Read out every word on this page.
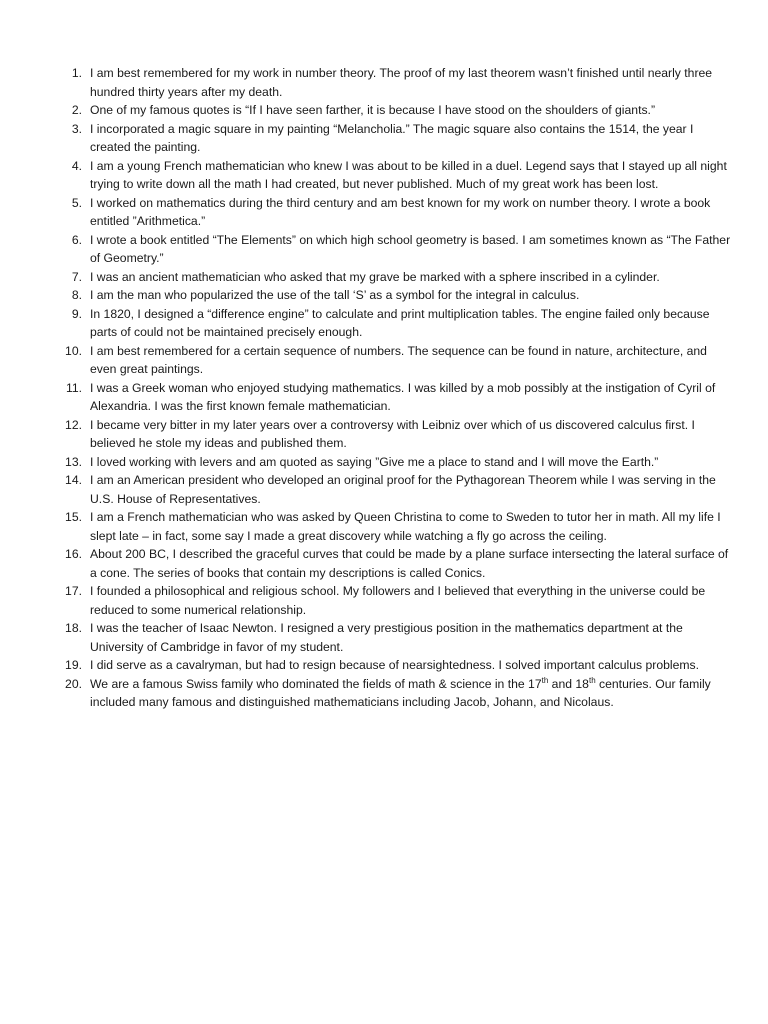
1. I am best remembered for my work in number theory. The proof of my last theorem wasn’t finished until nearly three hundred thirty years after my death.
2. One of my famous quotes is “If I have seen farther, it is because I have stood on the shoulders of giants.”
3. I incorporated a magic square in my painting “Melancholia.” The magic square also contains the 1514, the year I created the painting.
4. I am a young French mathematician who knew I was about to be killed in a duel. Legend says that I stayed up all night trying to write down all the math I had created, but never published. Much of my great work has been lost.
5. I worked on mathematics during the third century and am best known for my work on number theory. I wrote a book entitled ”Arithmetica.”
6. I wrote a book entitled “The Elements” on which high school geometry is based. I am sometimes known as “The Father of Geometry.”
7. I was an ancient mathematician who asked that my grave be marked with a sphere inscribed in a cylinder.
8. I am the man who popularized the use of the tall ‘S’ as a symbol for the integral in calculus.
9. In 1820, I designed a “difference engine” to calculate and print multiplication tables. The engine failed only because parts of could not be maintained precisely enough.
10. I am best remembered for a certain sequence of numbers. The sequence can be found in nature, architecture, and even great paintings.
11. I was a Greek woman who enjoyed studying mathematics. I was killed by a mob possibly at the instigation of Cyril of Alexandria. I was the first known female mathematician.
12. I became very bitter in my later years over a controversy with Leibniz over which of us discovered calculus first. I believed he stole my ideas and published them.
13. I loved working with levers and am quoted as saying ”Give me a place to stand and I will move the Earth.”
14. I am an American president who developed an original proof for the Pythagorean Theorem while I was serving in the U.S. House of Representatives.
15. I am a French mathematician who was asked by Queen Christina to come to Sweden to tutor her in math. All my life I slept late – in fact, some say I made a great discovery while watching a fly go across the ceiling.
16. About 200 BC, I described the graceful curves that could be made by a plane surface intersecting the lateral surface of a cone. The series of books that contain my descriptions is called Conics.
17. I founded a philosophical and religious school. My followers and I believed that everything in the universe could be reduced to some numerical relationship.
18. I was the teacher of Isaac Newton. I resigned a very prestigious position in the mathematics department at the University of Cambridge in favor of my student.
19. I did serve as a cavalryman, but had to resign because of nearsightedness. I solved important calculus problems.
20. We are a famous Swiss family who dominated the fields of math & science in the 17th and 18th centuries. Our family included many famous and distinguished mathematicians including Jacob, Johann, and Nicolaus.
